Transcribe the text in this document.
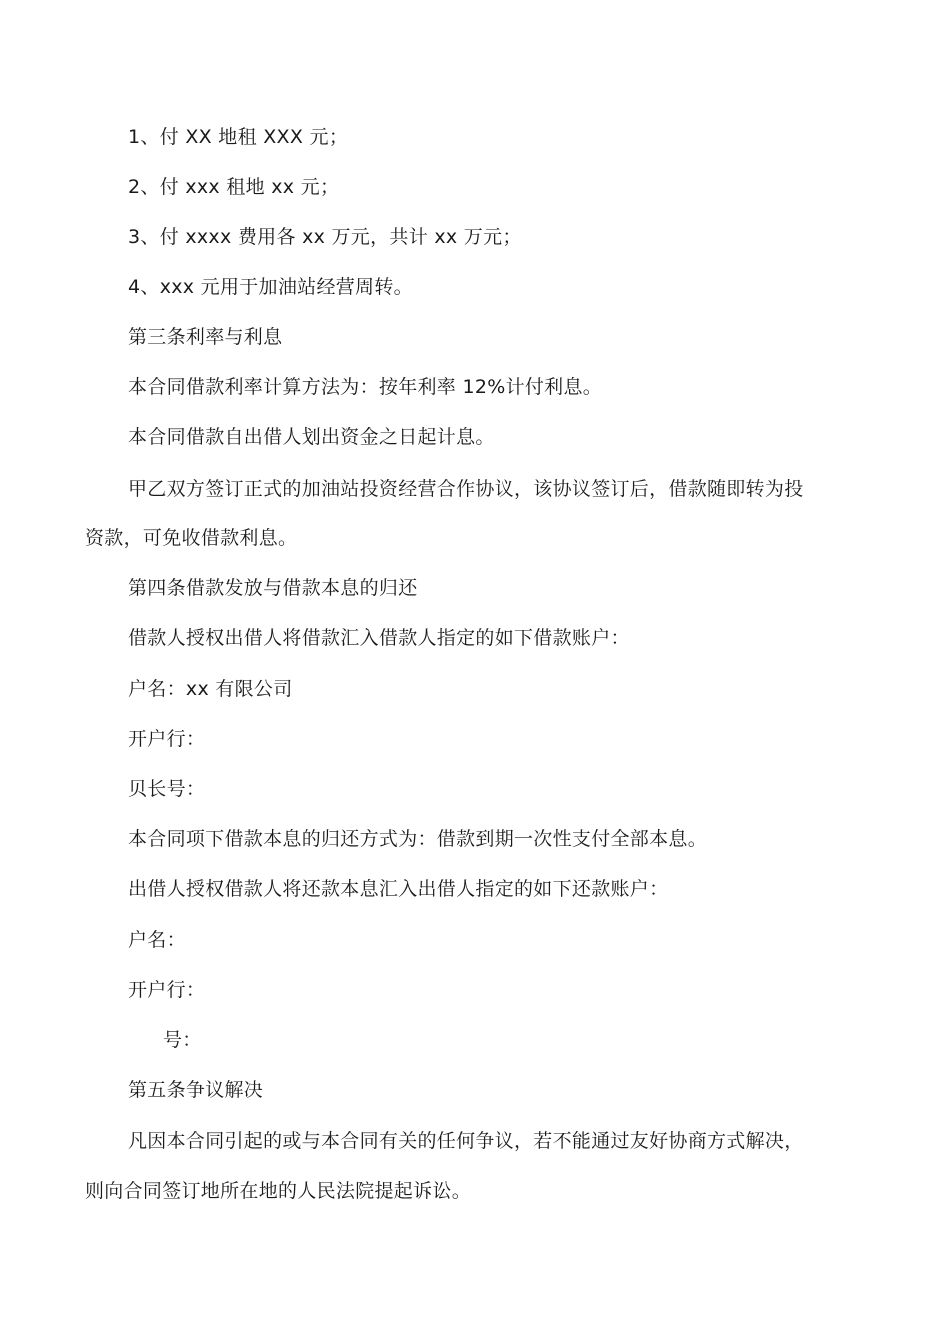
1、付 XX 地租 XXX 元；
2、付 xxx 租地 xx 元；
3、付 xxxx 费用各 xx 万元，共计 xx 万元；
4、xxx 元用于加油站经营周转。
第三条利率与利息
本合同借款利率计算方法为：按年利率 12%计付利息。
本合同借款自出借人划出资金之日起计息。
甲乙双方签订正式的加油站投资经营合作协议，该协议签订后，借款随即转为投
资款，可免收借款利息。
第四条借款发放与借款本息的归还
借款人授权出借人将借款汇入借款人指定的如下借款账户：
户名：xx 有限公司
开户行：
贝长号：
本合同项下借款本息的归还方式为：借款到期一次性支付全部本息。
出借人授权借款人将还款本息汇入出借人指定的如下还款账户：
户名：
开户行：
号：
第五条争议解决
凡因本合同引起的或与本合同有关的任何争议，若不能通过友好协商方式解决，
则向合同签订地所在地的人民法院提起诉讼。
